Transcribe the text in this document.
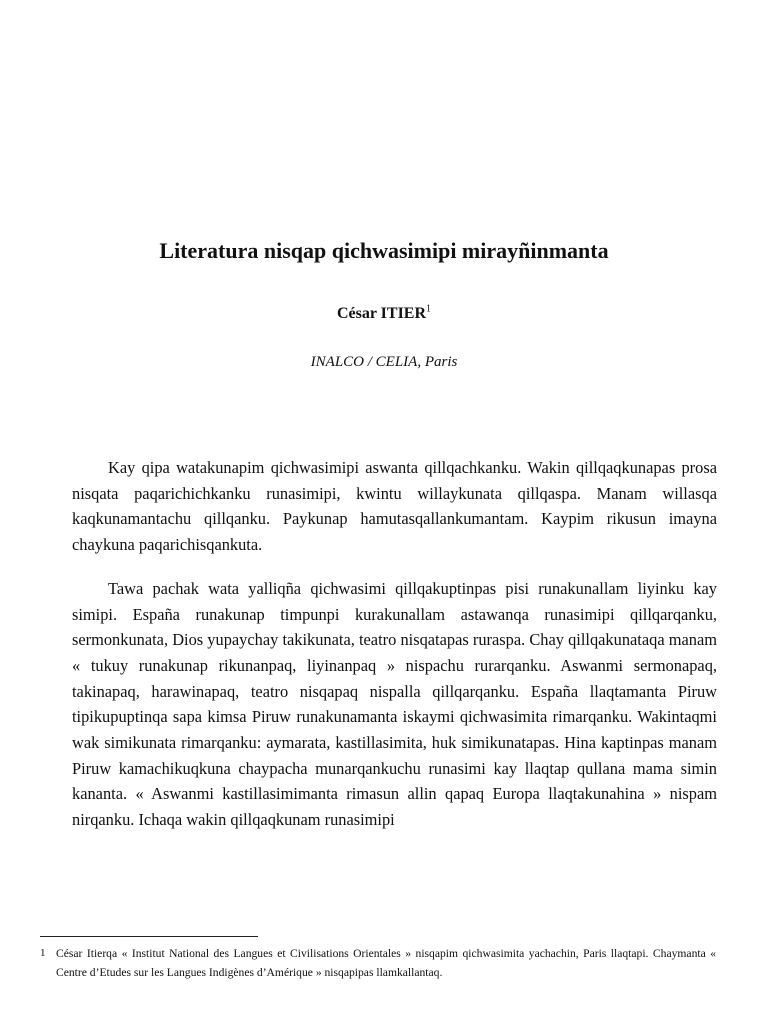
Literatura nisqap qichwasimipi mirayñinmanta

César ITIER$^1$

INALCO / CELIA, Paris

Kay qipa watakunapim qichwasimipi aswanta qillqachkanku. Wakin qillqaqkunapas prosa nisqata paqarichichkanku runasimipi, kwintu willaykunata qillqaspa. Manam willasqa kaqkunamantachu qillqanku. Paykunap hamutasqallankumantam. Kaypim rikusun imayna chaykuna paqarichisqankuta.

Tawa pachak wata yalliqña qichwasimi qillqakuptinpas pisi runakunallam liyinku kay simipi. España runakunap timpunpi kurakunallam astawanqa runasimipi qillqarqanku, sermonkunata, Dios yupaychay takikunata, teatro nisqatapas ruraspa. Chay qillqakunataqa manam « tukuy runakunap rikunanpaq, liyinanpaq » nispachu rurarqanku. Aswanmi sermonapaq, takinapaq, harawinapaq, teatro nisqapaq nispalla qillqarqanku. España llaqtamanta Piruw tipikupuptinqa sapa kimsa Piruw runakunamanta iskaymi qichwasimita rimarqanku. Wakintaqmi wak simikunata rimarqanku: aymarata, kastillasimita, huk simikunatapas. Hina kaptinpas manam Piruw kamachikuqkuna chaypacha munarqankuchu runasimi kay llaqtap qullana mama simin kananta. « Aswanmi kastillasimimanta rimasun allin qapaq Europa llaqtakunahina » nispam nirqanku. Ichaqa wakin qillqaqkunam runasimipi

1 César Itierqa « Institut National des Langues et Civilisations Orientales » nisqapim qichwasimita yachachin, Paris llaqtapi. Chaymanta « Centre d’Etudes sur les Langues Indigènes d’Amérique » nisqapipas llamkallantaq.
